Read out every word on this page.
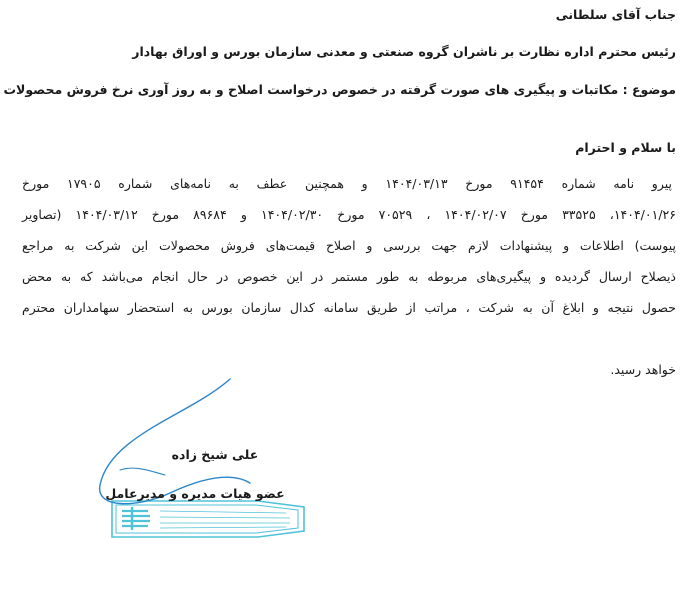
جناب آقای سلطانی
رئیس محترم اداره نظارت بر ناشران گروه صنعتی و معدنی سازمان بورس و اوراق بهادار
موضوع : مکاتبات و پیگیری های صورت گرفته در خصوص درخواست اصلاح و به روز آوری نرخ فروش محصولات
با سلام و احترام
پیرو نامه شماره ۹۱۴۵۴ مورخ ۱۴۰۴/۰۳/۱۳ و همچنین عطف به نامه‌های شماره ۱۷۹۰۵ مورخ
۱۴۰۴/۰۱/۲۶، ۳۳۵۲۵ مورخ ۱۴۰۴/۰۲/۰۷ ، ۷۰۵۲۹ مورخ ۱۴۰۴/۰۲/۳۰ و ۸۹۶۸۴ مورخ ۱۴۰۴/۰۳/۱۲ (تصاویر
پیوست) اطلاعات و پیشنهادات لازم جهت بررسی و اصلاح قیمت‌های فروش محصولات این شرکت به مراجع
ذیصلاح ارسال گردیده و پیگیری‌های مربوطه به طور مستمر در این خصوص در حال انجام می‌باشد که به محض
حصول نتیجه و ابلاغ آن به شرکت ، مراتب از طریق سامانه کدال سازمان بورس به استحضار سهامداران محترم
خواهد رسید.
علی شیخ زاده
عضو هیات مدیره و مدیرعامل
